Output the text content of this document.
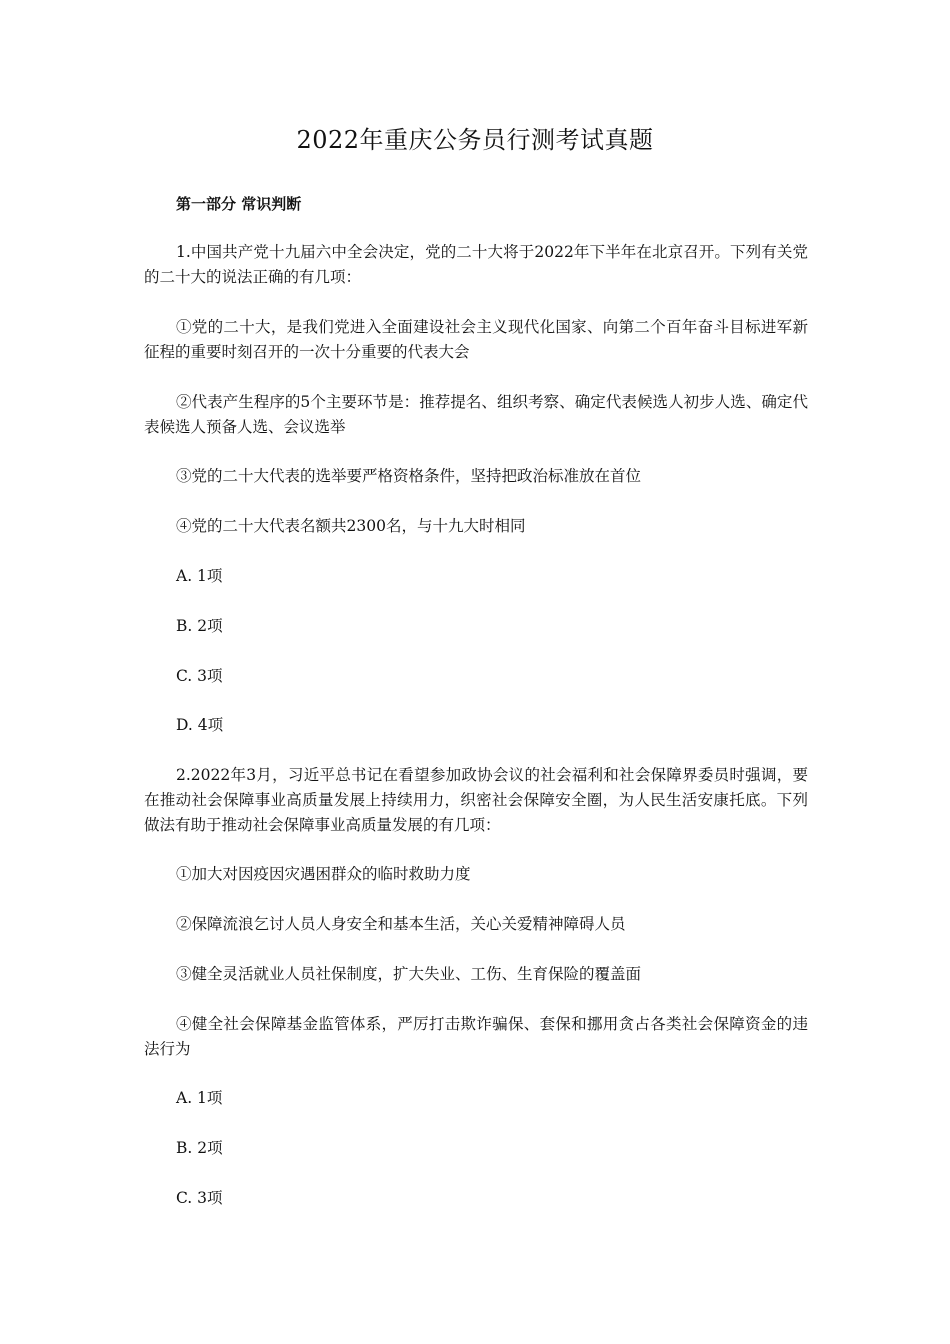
2022年重庆公务员行测考试真题
第一部分 常识判断

1.中国共产党十九届六中全会决定，党的二十大将于2022年下半年在北京召开。下列有关党的二十大的说法正确的有几项：

①党的二十大，是我们党进入全面建设社会主义现代化国家、向第二个百年奋斗目标进军新征程的重要时刻召开的一次十分重要的代表大会

②代表产生程序的5个主要环节是：推荐提名、组织考察、确定代表候选人初步人选、确定代表候选人预备人选、会议选举

③党的二十大代表的选举要严格资格条件，坚持把政治标准放在首位

④党的二十大代表名额共2300名，与十九大时相同

A. 1项

B. 2项

C. 3项

D. 4项

2.2022年3月，习近平总书记在看望参加政协会议的社会福利和社会保障界委员时强调，要在推动社会保障事业高质量发展上持续用力，织密社会保障安全圈，为人民生活安康托底。下列做法有助于推动社会保障事业高质量发展的有几项：

①加大对因疫因灾遇困群众的临时救助力度

②保障流浪乞讨人员人身安全和基本生活，关心关爱精神障碍人员

③健全灵活就业人员社保制度，扩大失业、工伤、生育保险的覆盖面

④健全社会保障基金监管体系，严厉打击欺诈骗保、套保和挪用贪占各类社会保障资金的违法行为

A. 1项

B. 2项

C. 3项
